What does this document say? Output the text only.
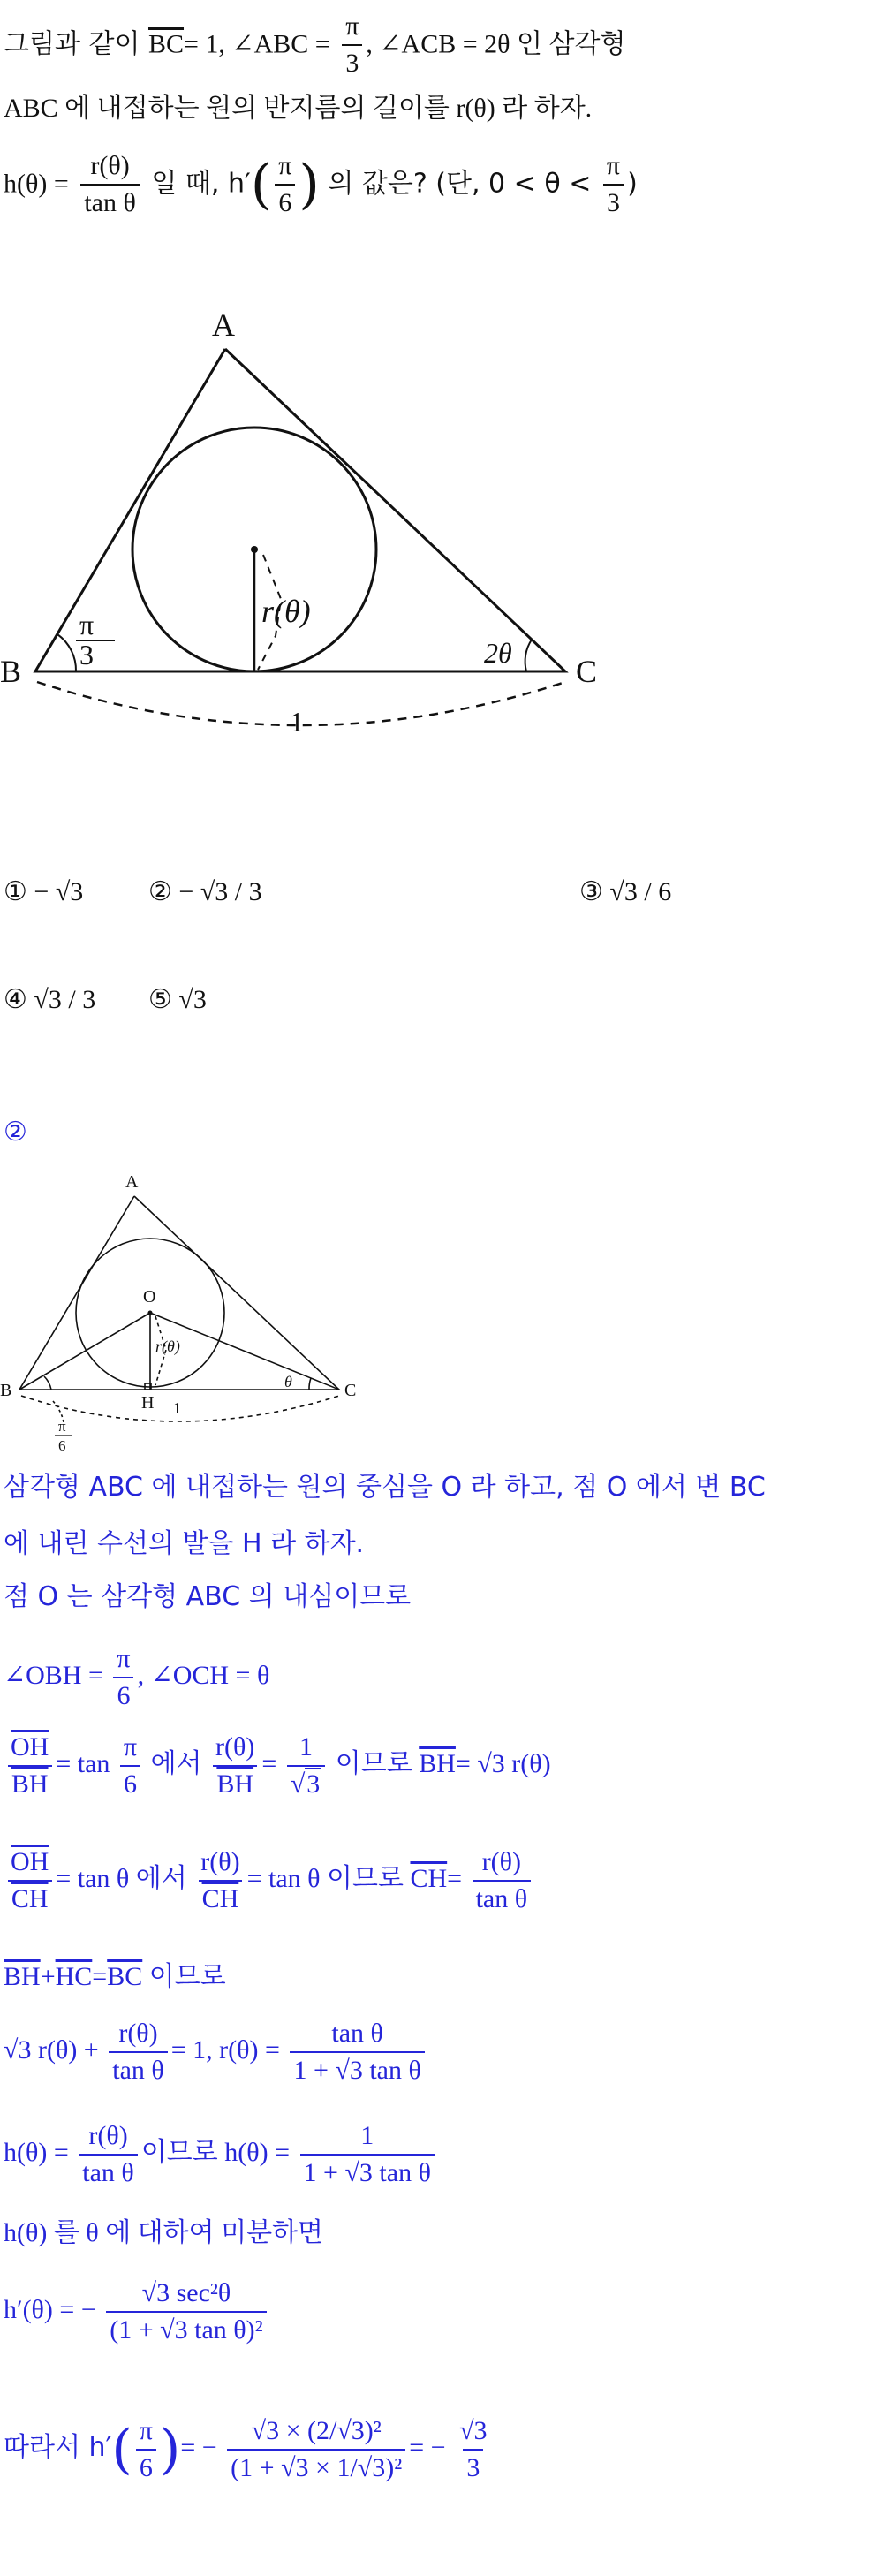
그림과 같이 $\overline{BC}= 1$, ∠ABC = $\frac{\pi}{3}$ , ∠ACB = 2θ 인 삼각형
ABC 에 내접하는 원의 반지름의 길이를 r(θ) 라 하자.
$h(\theta) = \frac{r(\theta)}{\text{tan θ}}$ 일 때, $h'( \frac{\pi}{6}$ ) 의 값은? (단, $0 < \theta < \frac{\pi}{3}$ )
A
B	C
r(θ)
π
3	2θ
1
① − √3 ② − √3 / 3	③ √3 / 6
④ √3 / 3 ⑤ √3
②
A
B	C
O
H
r(θ)
θ
1
π
6
삼각형 ABC 에 내접하는 원의 중심을 O 라 하고, 점 O 에서 변 BC
에 내린 수선의 발을 H 라 하자.
점 O 는 삼각형 ABC 의 내심이므로
∠OBH = $\frac{\pi}{6}$ , ∠OCH = θ
$\frac{\overline{OH}}{BH} = \tan \frac{\pi}{6}$ 에서 $\frac{r(\theta)}{BH} = \frac{1}{√3}$ 이므로 $\overline{BH}= √3$ r(θ)
$\frac{\overline{OH}}{CH} = \tan \theta$ 에서 $\frac{r(\theta)}{CH} = \tan \theta$ 이므로 $\overline{CH}= \frac{r(\theta)}{\text{tan θ}}$
$\overline{BH}+\overline{HC}=\overline{BC}$ 이므로
√3 $r(\theta) + \frac{r(\theta)}{\text{tan θ}} = 1$, $r(\theta) = \frac{\text{tan θ}}{\text{1 + √3 tan θ}}$
$h(\theta) = \frac{r(\theta)}{\text{tan θ}}$ 이므로 $h(\theta) = \frac{1}{\text{1 + √3 tan θ}}$
h(θ) 를 θ 에 대하여 미분하면
h′(θ) = − $\frac{\text{√3 sec²θ}}{\text{(1 + √3 tan θ)²}}$
따라서 $h'( \frac{\pi}{6}$ )= − $\frac{\text{√3 × (2/√3)²}}{\text{(1 + √3 × 1/√3)²}}$ = − $\frac{√3}{3}$
